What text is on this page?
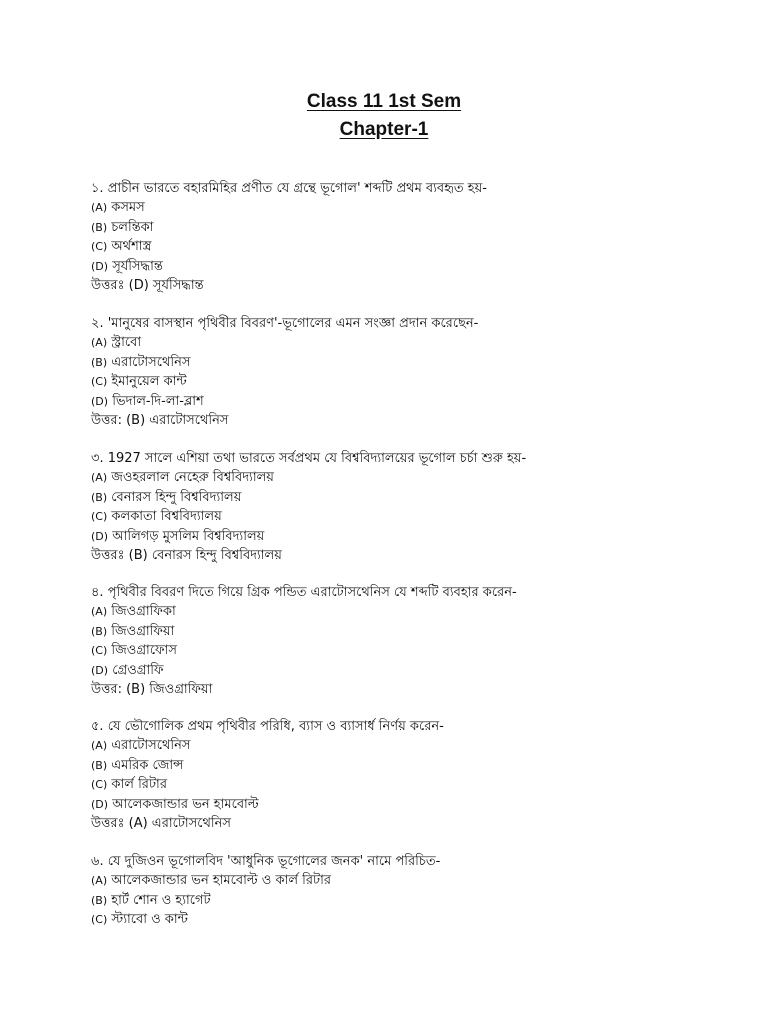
Class 11 1st Sem
Chapter-1
১. প্রাচীন ভারতে বহারমিহির প্রণীত যে গ্রন্থে ভূগোল' শব্দটি প্রথম ব্যবহৃত হয়-
(A) কসমস
(B) চলন্তিকা
(C) অর্থশাস্ত্র
(D) সূর্যসিদ্ধান্ত
উত্তরঃ (D) সূর্যসিদ্ধান্ত
২. 'মানুষের বাসস্থান পৃথিবীর বিবরণ'-ভূগোলের এমন সংজ্ঞা প্রদান করেছেন-
(A) স্ট্রাবো
(B) এরাটোসথেনিস
(C) ইমানুয়েল কান্ট
(D) ভিদাল-দি-লা-ব্লাশ
উত্তর: (B) এরাটোসথেনিস
৩. 1927 সালে এশিয়া তথা ভারতে সর্বপ্রথম যে বিশ্ববিদ্যালয়ের ভূগোল চর্চা শুরু হয়-
(A) জওহরলাল নেহেরু বিশ্ববিদ্যালয়
(B) বেনারস হিন্দু বিশ্ববিদ্যালয়
(C) কলকাতা বিশ্ববিদ্যালয়
(D) আলিগড় মুসলিম বিশ্ববিদ্যালয়
উত্তরঃ (B) বেনারস হিন্দু বিশ্ববিদ্যালয়
৪. পৃথিবীর বিবরণ দিতে গিয়ে গ্রিক পন্ডিত এরাটোসথেনিস যে শব্দটি ব্যবহার করেন-
(A) জিওগ্রাফিকা
(B) জিওগ্রাফিয়া
(C) জিওগ্রাফোস
(D) গ্রেওগ্রাফি
উত্তর: (B) জিওগ্রাফিয়া
৫. যে ভৌগোলিক প্রথম পৃথিবীর পরিধি, ব্যাস ও ব্যাসার্ধ নির্ণয় করেন-
(A) এরাটোসথেনিস
(B) এমরিক জোন্স
(C) কার্ল রিটার
(D) আলেকজান্ডার ভন হামবোল্ট
উত্তরঃ (A) এরাটোসথেনিস
৬. যে দুজিওন ভূগোলবিদ 'আধুনিক ভূগোলের জনক' নামে পরিচিত-
(A) আলেকজান্ডার ভন হামবোল্ট ও কার্ল রিটার
(B) হার্ট শোন ও হ্যাগেট
(C) স্ট্যাবো ও কান্ট
